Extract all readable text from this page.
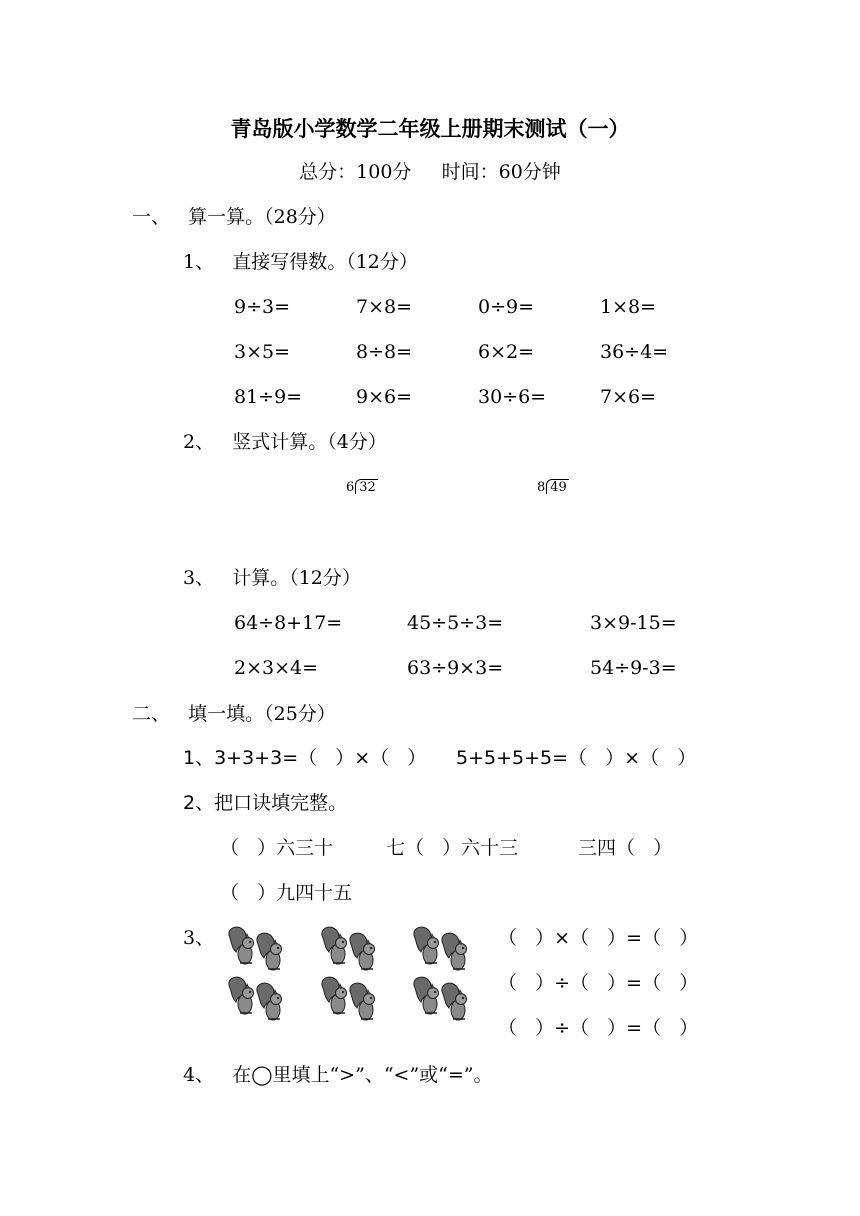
青岛版小学数学二年级上册期末测试（一）
总分：100分     时间：60分钟
一、   算一算。（28分）
1、   直接写得数。（12分）
9÷3=	7×8=	0÷9=	1×8=
3×5=	8÷8=	6×2=	36÷4=
81÷9=	9×6=	30÷6=	7×6=
2、   竖式计算。（4分）
6 32	8 49
3、   计算。（12分）
64÷8+17=	45÷5÷3=	3×9-15=
2×3×4=	63÷9×3=	54÷9-3=
二、   填一填。（25分）
1、3+3+3=（   ）×（   ） 5+5+5+5=（   ）×（   ）
2、把口诀填完整。
（   ）六三十	七（   ）六十三	三四（   ）
（   ）九四十五
3、	（   ）×（   ）=（   ）
（   ）÷（   ）=（   ）
（   ）÷（   ）=（   ）
4、   在◯里填上“>”、“<”或“=”。
